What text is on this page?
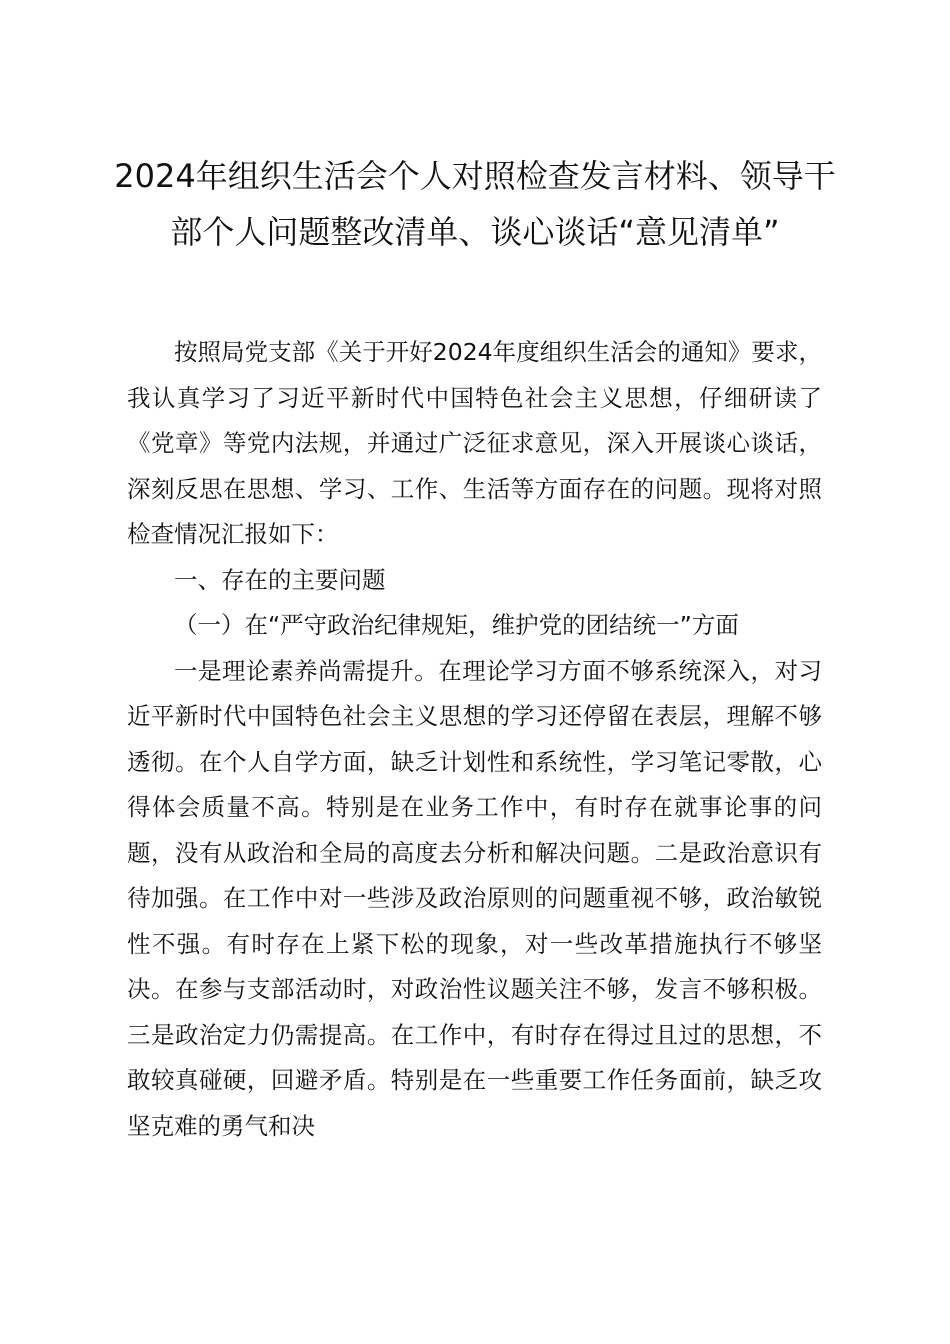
2024年组织生活会个人对照检查发言材料、领导干部个人问题整改清单、谈心谈话“意见清单”

按照局党支部《关于开好2024年度组织生活会的通知》要求，我认真学习了习近平新时代中国特色社会主义思想，仔细研读了《党章》等党内法规，并通过广泛征求意见，深入开展谈心谈话，深刻反思在思想、学习、工作、生活等方面存在的问题。现将对照检查情况汇报如下：

一、存在的主要问题

（一）在“严守政治纪律规矩，维护党的团结统一”方面

一是理论素养尚需提升。在理论学习方面不够系统深入，对习近平新时代中国特色社会主义思想的学习还停留在表层，理解不够透彻。在个人自学方面，缺乏计划性和系统性，学习笔记零散，心得体会质量不高。特别是在业务工作中，有时存在就事论事的问题，没有从政治和全局的高度去分析和解决问题。二是政治意识有待加强。在工作中对一些涉及政治原则的问题重视不够，政治敏锐性不强。有时存在上紧下松的现象，对一些改革措施执行不够坚决。在参与支部活动时，对政治性议题关注不够，发言不够积极。三是政治定力仍需提高。在工作中，有时存在得过且过的思想，不敢较真碰硬，回避矛盾。特别是在一些重要工作任务面前，缺乏攻坚克难的勇气和决
